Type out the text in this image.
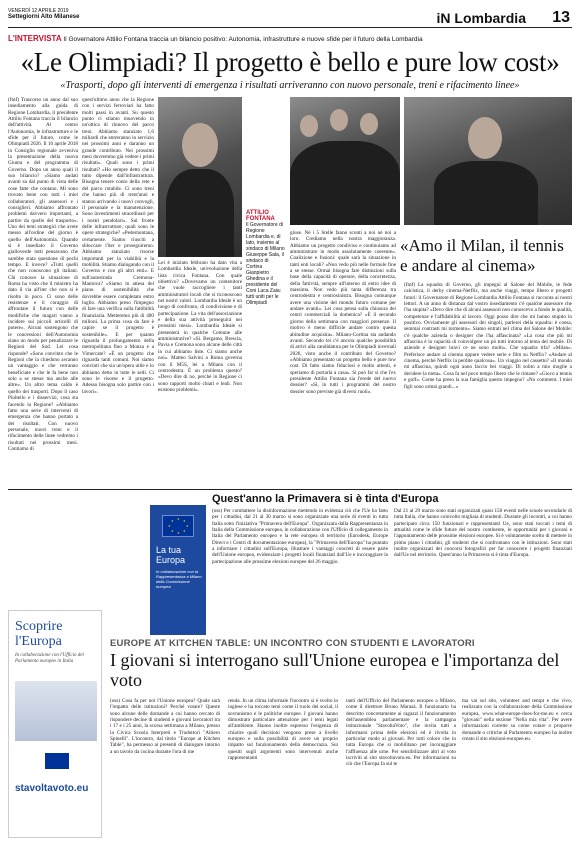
VENERDÌ 12 APRILE 2019
Settegiorni Alto Milanese	iN Lombardia 13
L'INTERVISTA Il Governatore Attilio Fontana traccia un bilancio positivo: Autonomia, infrastrutture e nuove sfide per il futuro della Lombardia
«Le Olimpiadi? Il progetto è bello e pure low cost»
«Trasporti, dopo gli interventi di emergenza i risultati arriveranno con nuovo personale, treni e rifacimento linee»

(fmf) Trascorso un anno dal suo insediamento alla guida di Regione Lombardia, il presidente Attilio Fontana traccia il bilancio dell'attività. Al centro l'Autonomia, le infrastrutture e le sfide per il futuro, come le Olimpiadi 2026. Il 10 aprile 2018 in Consiglio regionale avveniva la presentazione della nuova Giunta e del programma di Governo. Dopo un anno quali il suo bilancio? «Siamo andati avanti su dal punto di vista delle cose fatte che contano. Mi sono trovato bene con tutti i miei collaboratori, gli assessori e i consiglieri. Abbiamo affrontato problemi davvero importanti, a partire da quello del trasporto». Uno dei temi strategici che avete messo all'ordine del giorno è quello dell'Autonomia. Quando si è insediato il Governo gialloverde tutti pensavano che sarebbe stata questione di pochi tempo. E invece? «Tutti quelli che non conoscono gli italiani. Chi conosce la situazione di Roma ha visto che il ministro ha dato il via all'iter che non si è risolto in poco. Ci sono delle resistenze e il coraggio di affrontare il futuro con delle modifiche che magari vanno a incidere sui piccoli orticelli di potere». Alcuni sostengono che le concessioni dell'Autonomia siano un modo per penalizzare le Regioni del Sud. Lei cosa risponde? «Sono convinto che le Regioni che la chiedono avranno un vantaggio e che verranno beneficiate e che le fa bene non solo a se stesse ma anche alle altre». Un altro tema caldo è quello dei trasporti. Dopo il caso Pioltello e i disservizi, cosa sta facendo la Regione? «Abbiamo fatto una serie di interventi di emergenza che hanno portato a dei risultati. Con nuovo personale, nuovi treni e il rifacimento delle linee vedremo i risultati nei prossimi mesi. Contiamo di

quest'ultimo anno che la Regione con i servizi ferroviari ha fatto molti passi in avanti. Su questo punto ci stiamo muovendo in un'ottica di rinnovo del parco treni. Abbiamo stanziato 1,6 miliardi che entreranno in servizio nei prossimi anni e daranno un grande contributo. Nei prossimi mesi dovremmo già vedere i primi risultati». Quali sono i primi risultati? «Ho sempre detto che il tutto dipende dall'infrastruttura. Bisogna tenere conto della rete e del parco rotabile. Ci sono treni che hanno più di trent'anni e stanno arrivando i nuovi convogli, il personale e la manutenzione. Sono investimenti straordinari per i nostri pendolari». Sul fronte delle infrastrutture, quali sono le opere strategiche? «Pedemontana, certamente. Siamo riusciti a sbloccare l'iter e proseguiremo. Abbiamo stanziato risorse importanti per la viabilità e la mobilità. Stiamo dialogando con il Governo e con gli altri enti». E sull'autostrada Cremona-Mantova? «Siamo in attesa del piano di sostenibilità che dovrebbe essere completato entro luglio. Abbiamo preso l'impegno di fare una verifica sulla fattibilità finanziaria. Metteremo più di 400 milioni. La prima cosa da fare è capire se il progetto è sostenibile». E per quanto riguarda il prolungamento della metropolitana fino a Monza e a Vimercate? «È un progetto che riguarda tanti comuni. Noi siamo convinti che sia un'opera utile e lo abbiamo detto in tutte le sedi. Ci sono le risorse e il progetto. Adesso bisogna solo partire con i lavori».

ATTILIO FONTANA
Il Governatore di Regione Lombardia e, di lato, insieme al sindaco di Milano Giuseppe Sala, il sindaco di Cortina Gianpietro Ghedina e il presidente del Coni Luca Zaia: tutti uniti per le Olimpiadi

Lei è iniziato febbraio ha dato vita a Lombardia Ideale, un'evoluzione della lista civica Fontana. Con quale obiettivo? «Dovevamo un contenitore che vuole raccogliere i tanti amministratori locali che si riconoscono nei nostri valori. Lombardia Ideale è un luogo di confronto, di condivisione e di partecipazione. La vita dell'associazione e della sua attività proseguirà nei prossimi mesi». Lombardia Ideale si presenterà in qualche Comune alle amministrative? «Sì. Bergamo, Brescia, Pavia e Cremona sono alcune delle città in cui abbiamo liste. Ci siamo anche noi». Matteo Salvini a Roma governa con il M5S, lei a Milano con il centrodestra. È un problema questo? «Devo dire di no, perché in Regione ci sono rapporti molto chiari e leali. Non esistono problemi».

giuse. Né i 5 Stelle fanno sconti a noi né noi a loro. Crediamo nella nostra maggioranza. Abbiamo un progetto condiviso e continuiamo ad amministrare in modo assolutamente coerente». Coalizione e fusioni: quale sarà la situazione in tanti enti locali? «Non vedo più nelle formule fine a se stesse. Ormai bisogna fare distinzioni sulla base della capacità di operare, della concretezza, della fattività, sempre all'interno di entro idee di massima. Non vedo più tanta differenza tra centrodestra e centrosinistra. Bisogna comunque avere una visione del mondo futuro comune per andare avanti». Lei cosa pensa sulla chiusura dei centri commerciali la domenica? «È il secondo giorno della settimana con maggiori presenze. Il motivo è meno difficile andare contro questa abitudine acquisita». Milano-Cortina sta andando avanti. Secondo lei c'è ancora qualche possibilità di arrivi alla candidatura per le Olimpiadi invernali 2026, visto anche il contributo del Governo? «Abbiamo presentato un progetto bello e pure low cost. Di fatto siamo fiduciosi e molto attenti, e speriamo di portarla a casa». Si può far sì che l'ex presidente Attilio Fontana sia l'erede del nuovo dossier? «Sì, in tutti i programmi del nostro dossier sono previste già diversi ruoli».

«Amo il Milan, il tennis e andare al cinema»

(fmf) La squadra di Governo, gli impegni al Salone del Mobile, le fede calcistica, il derby cinema-Netflix, ma anche viaggi, tempo libero e progetti futuri: il Governatore di Regione Lombardia Attilio Fontana si racconta ai nostri lettori. A un anno di distanza dal vostro insediamento c'è qualche assessore che l'ha stupita? «Devo dire che di alcuni assessori non conoscevo a fondo le qualità, competenze e l'affidabilità al lavoro. Oggi posso dire che mi hanno stupito in positivo. Ovviamente gli assessori dei singoli, parlerei della squadra: è coesa, semmai contrasti mi tormento». Siamo entrati nel clima del Salone del Mobile: c'è qualche azienda o designer che l'ha affascinata? «La cosa che più mi affascina è la capacità di coinvolgere un pò tutti intorno al tema del mobile. Di aziende e designer bravi ce ne sono molti». Che squadra tifa? «Milan». Preferisce andare al cinema oppure vedere serie e film su Netflix? «Andare al cinema, perché Netflix la perdite qualcosa». Un viaggio nel cassetto? «Il mondo mi affascina, quindi ogni anno faccio bei viaggi. Di solito a mio moglie a decidere la meta». Cosa fa nel poco tempo libero che le rimane? «Gioco a tennis e golf». Come ha preso la sua famiglia questo impegno? «No comment. I miei figli sono ormai grandi...»

Quest'anno la Primavera si è tinta d'Europa
★ ★
★
★
★
★
★
★
La tua Europa
In collaborazione con la Rappresentanza a Milano della Commissione europea

(oss) Per combattere la disinformazione mettendo in evidenza ciò che l'Ue ha fatto per i cittadini, dal 21 al 30 marzo si sono organizzate una serie di eventi in tutta Italia sotto l'iniziativa "Primavera dell'Europa". Organizzata dalla Rappresentanza in Italia della Commissione europea, in collaborazione con l'Ufficio di collegamento in Italia del Parlamento europeo e la rete europea di territorio (Eurodesk, Europe Direct e i Centri di documentazione europea), la "Primavera dell'Europa" ha puntato a informare i cittadini sull'Europa, illustrare i vantaggi concreti di essere parte dell'Unione europea, evidenziare i progetti locali finanziati dall'Ue e incoraggiare la partecipazione alle prossime elezioni europee del 26 maggio.

Dal 21 al 29 marzo sono stati organizzati quasi 150 eventi nelle scuole secondarie di tutta Italia, che hanno coinvolto migliaia di studenti. Durante gli incontri, a cui hanno partecipato circa 150 funzionari e rappresentanti Ue, sono stati toccati i temi di attualità come le sfide future del nostro continente, le opportunità per i giovani e l'appuntamento delle prossime elezioni europee. Si è volutamente scelto di mettere in primo piano i cittadini, gli studenti che si confrontano con le istituzioni. Sono stati inoltre organizzati dei concorsi fotografici per far conoscere i progetti finanziati dall'Ue nel territorio. Quest'anno la Primavera si è tinta d'Europa.

Scoprire l'Europa
In collaborazione con l'Ufficio del Parlamento europeo in Italia
stavoltavoto.eu
EUROPE AT KITCHEN TABLE: UN INCONTRO CON STUDENTI E LAVORATORI
I giovani si interrogano sull'Unione europea e l'importanza del voto

(oss) Cosa fa per noi l'Unione europea? Quale sarà l'impatto delle istituzioni? Perché votare? Queste sono alcune delle domande a cui hanno cercato di rispondere decine di studenti e giovani lavoratori tra i 17 e i 25 anni, la scorsa settimana a Milano, presso la Civica Scuola Interpreti e Traduttori "Altiero Spinelli". L'incontro, dal titolo "Europe at Kitchen Table", ha permesso ai presenti di dialogare intorno a un tavolo da cucina durante l'ora di me

renda. In un clima informale l'incontro si è svolto in inglese e ha toccato temi come il ruolo dei social, il sovranismo e le politiche europee. I giovani hanno dimostrato particolare attenzione per i temi legati all'ambiente. Hanno inoltre espresso l'esigenza di chiarire quali decisioni vengono prese a livello europeo e sulla possibilità di avere un proprio impatto sul funzionamento della democrazia. Sui quesiti sugli argomenti sono intervenuti anche rappresentanti

tanti dell'Ufficio del Parlamento europeo a Milano, come il direttore Bruno Marasà. Il funzionario ha descritto concretamente ai ragazzi il funzionamento dell'assemblea parlamentare e la campagna istituzionale "StavoltaVoto", che invita tutti a informarsi prima delle elezioni ed è rivolta in particolar modo ai giovani. Per tutti coloro che in tutta Europa che si mobilitano per incoraggiare l'affluenza alle urne. Per sensibilizzare altri al voto iscriviti al sito stavoltavoto.eu. Per informazioni su ciò che l'Europa fa sul te

ma vai sul sito, volunteer and tempt e che vivo, realizzato con la collaborazione della Commissione europea, www.what-europe-does-for-me.eu e cerca "giovani" nella sezione "Nella mia vita". Per avere informazioni corrette su come votare o proporre domande o critiche al Parlamento europeo ha inoltre creato il sito elezioni-europee.eu.
